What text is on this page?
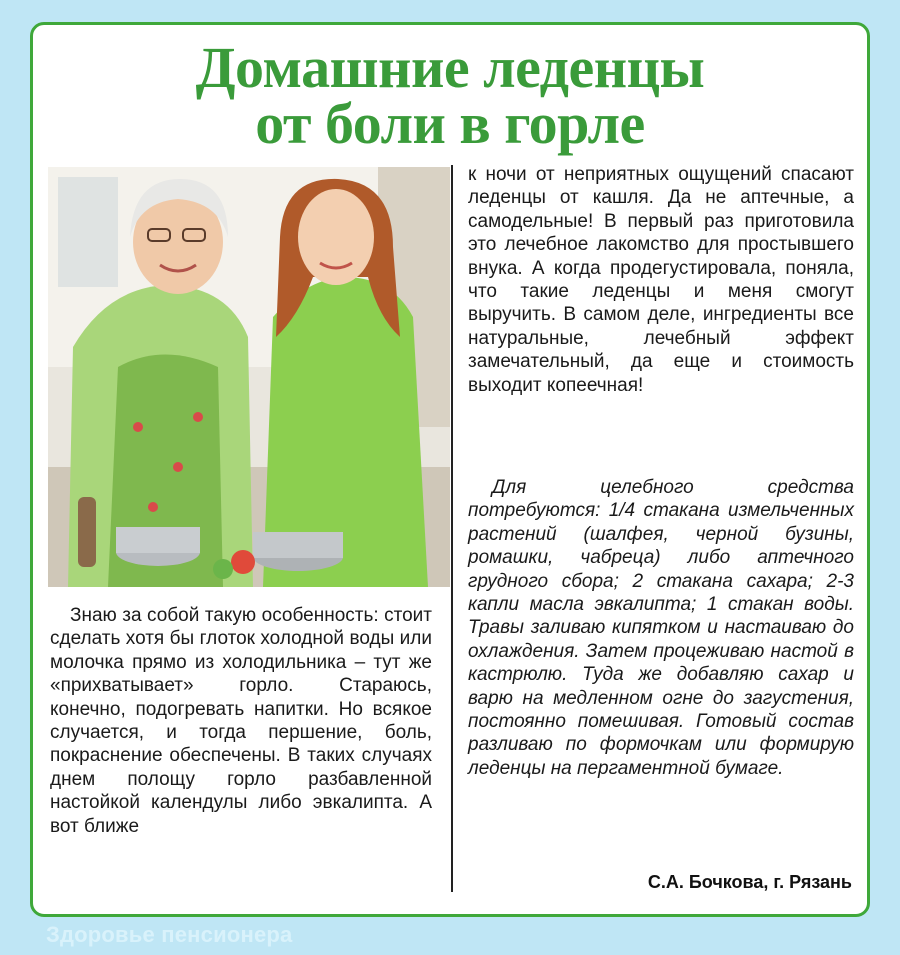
Домашние леденцы
от боли в горле

Знаю за собой такую особенность: стоит сделать хотя бы глоток холодной воды или молочка прямо из холодильника – тут же «прихватывает» горло. Стараюсь, конечно, подогревать напитки. Но всякое случается, и тогда першение, боль, покраснение обеспечены. В таких случаях днем полощу горло разбавленной настойкой календулы либо эвкалипта. А вот ближе

к ночи от неприятных ощущений спасают леденцы от кашля. Да не аптечные, а самодельные! В первый раз приготовила это лечебное лакомство для простывшего внука. А когда продегустировала, поняла, что такие леденцы и меня смогут выручить. В самом деле, ингредиенты все натуральные, лечебный эффект замечательный, да еще и стоимость выходит копеечная!

Для целебного средства потребуются: 1/4 стакана измельченных растений (шалфея, черной бузины, ромашки, чабреца) либо аптечного грудного сбора; 2 стакана сахара; 2-3 капли масла эвкалипта; 1 стакан воды. Травы заливаю кипятком и настаиваю до охлаждения. Затем процеживаю настой в кастрюлю. Туда же добавляю сахар и варю на медленном огне до загустения, постоянно помешивая. Готовый состав разливаю по формочкам или формирую леденцы на пергаментной бумаге.

С.А. Бочкова, г. Рязань

Здоровье пенсионера
